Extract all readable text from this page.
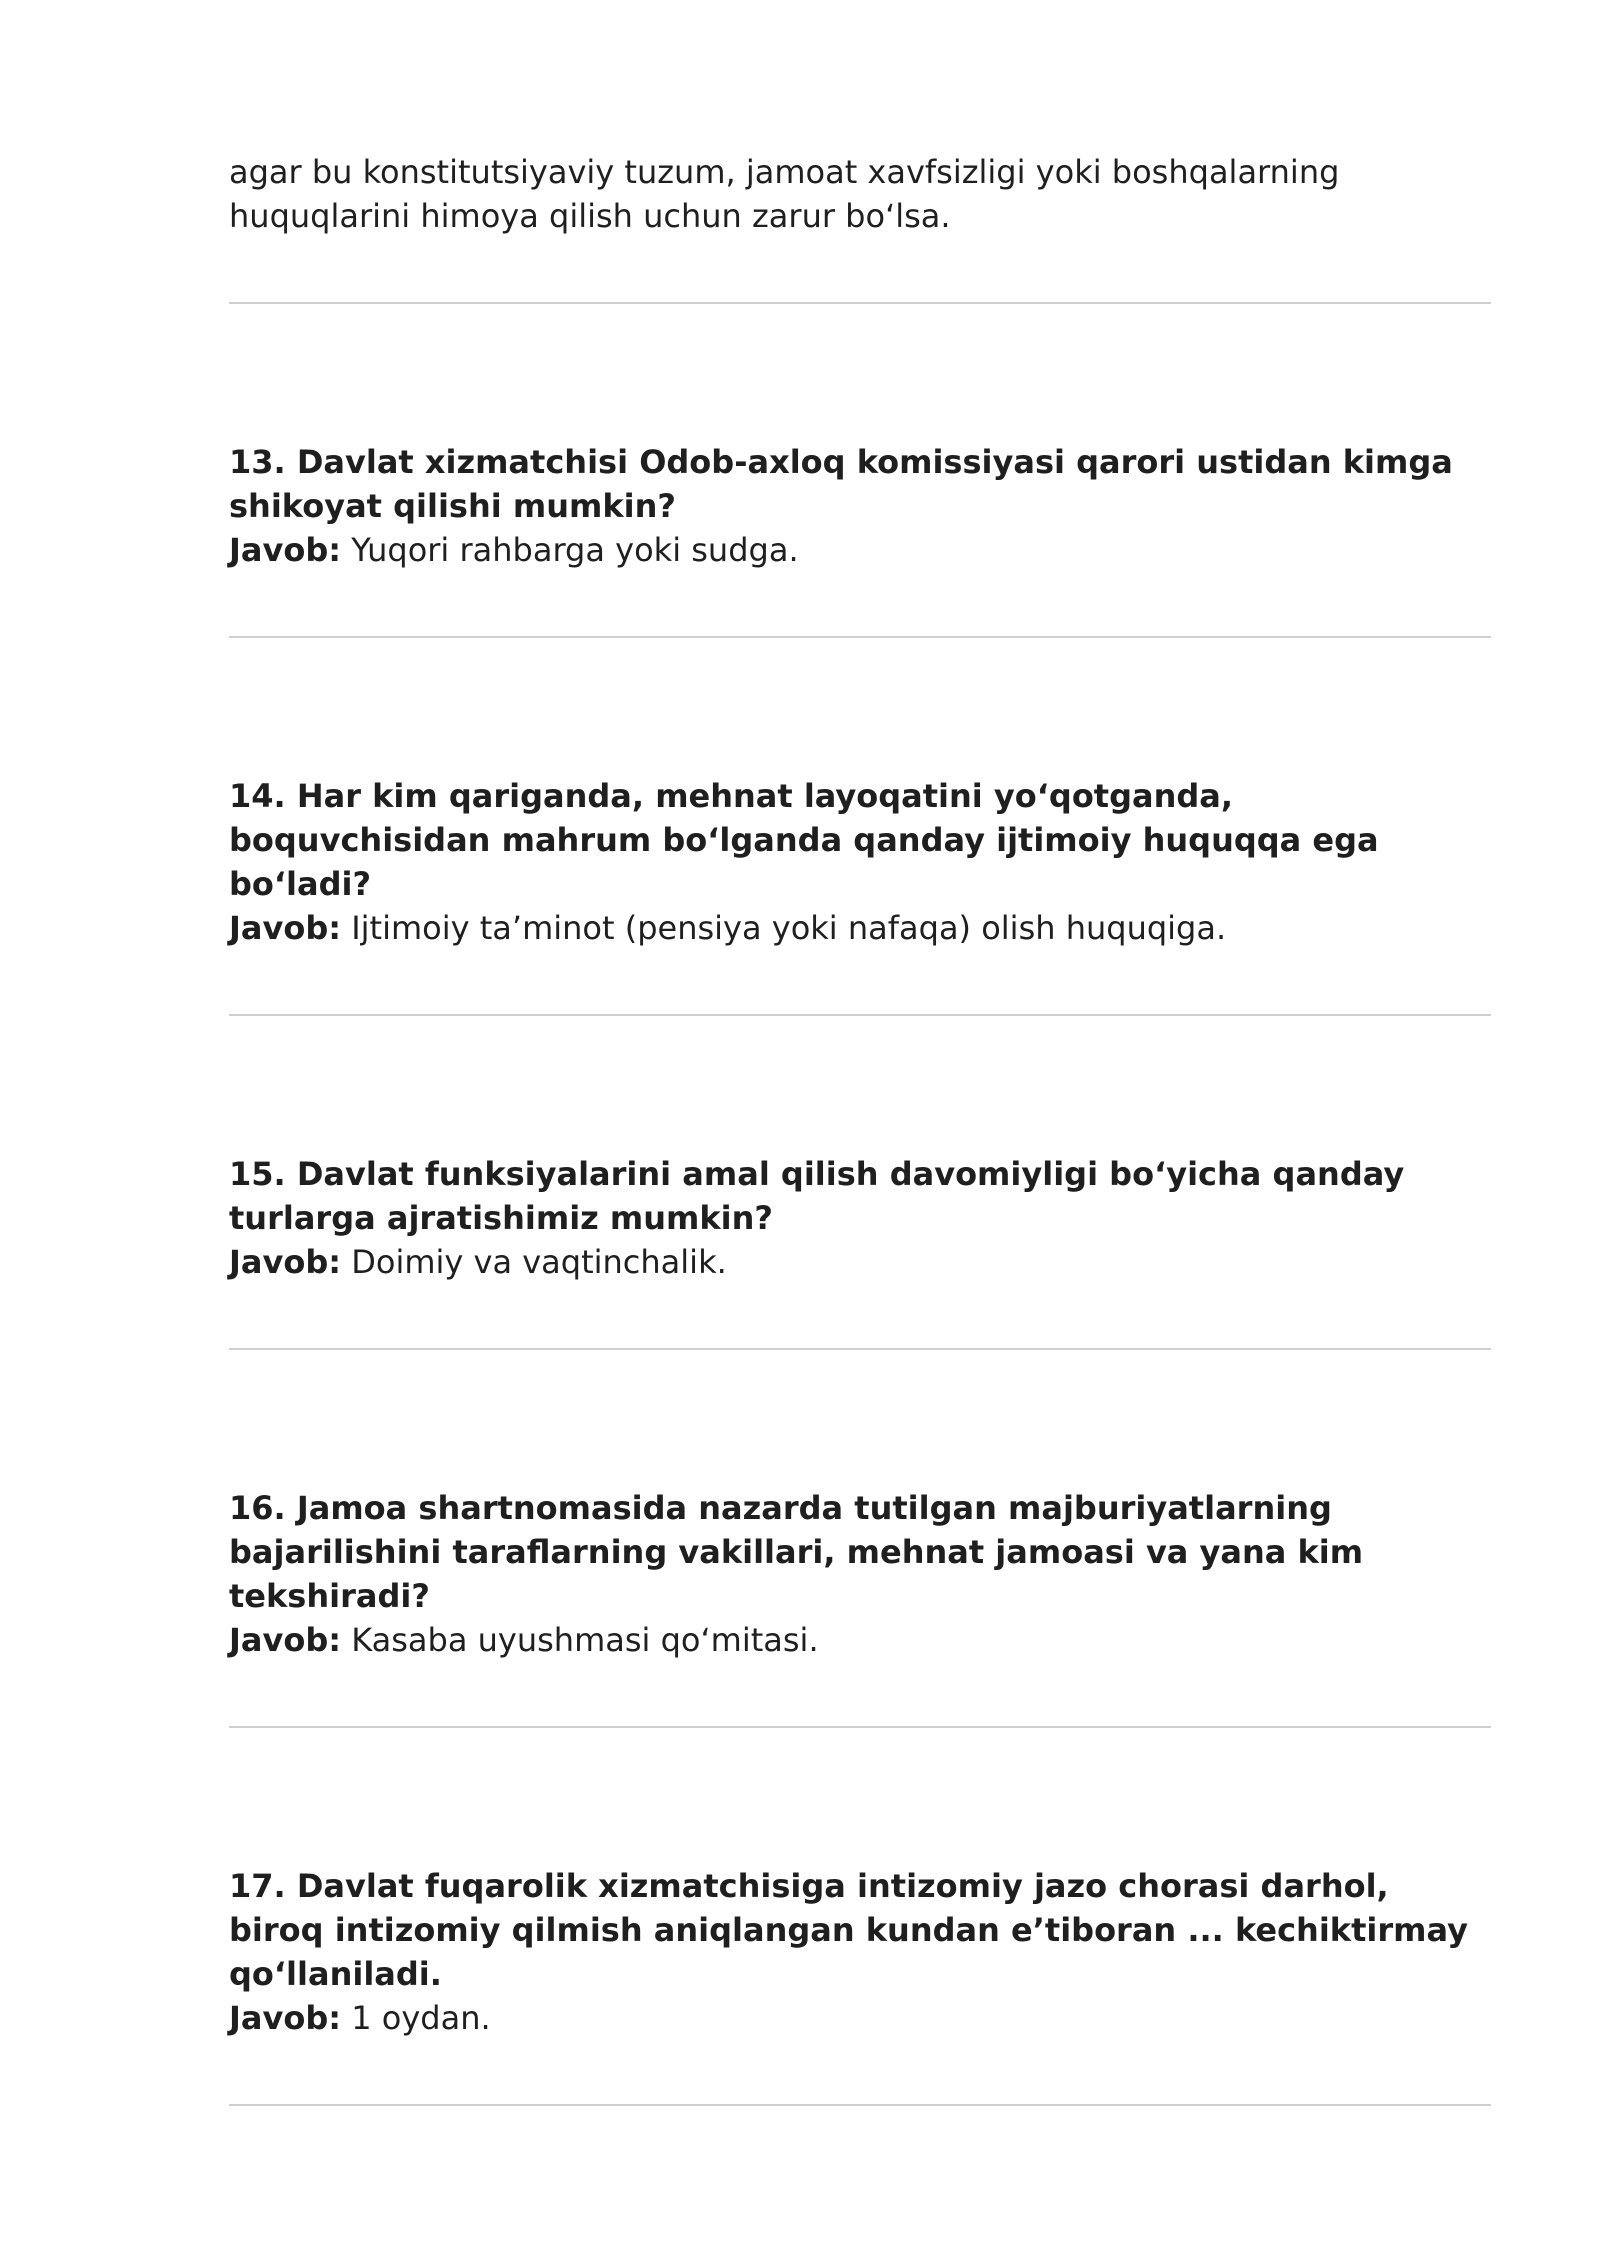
agar bu konstitutsiyaviy tuzum, jamoat xavfsizligi yoki boshqalarning huquqlarini himoya qilish uchun zarur bo‘lsa.

13. Davlat xizmatchisi Odob-axloq komissiyasi qarori ustidan kimga shikoyat qilishi mumkin?

Javob: Yuqori rahbarga yoki sudga.

14. Har kim qariganda, mehnat layoqatini yo‘qotganda, boquvchisidan mahrum bo‘lganda qanday ijtimoiy huquqqa ega bo‘ladi?

Javob: Ijtimoiy ta’minot (pensiya yoki nafaqa) olish huquqiga.

15. Davlat funksiyalarini amal qilish davomiyligi bo‘yicha qanday turlarga ajratishimiz mumkin?

Javob: Doimiy va vaqtinchalik.

16. Jamoa shartnomasida nazarda tutilgan majburiyatlarning bajarilishini taraflarning vakillari, mehnat jamoasi va yana kim tekshiradi?

Javob: Kasaba uyushmasi qo‘mitasi.

17. Davlat fuqarolik xizmatchisiga intizomiy jazo chorasi darhol, biroq intizomiy qilmish aniqlangan kundan e’tiboran ... kechiktirmay qo‘llaniladi.

Javob: 1 oydan.
